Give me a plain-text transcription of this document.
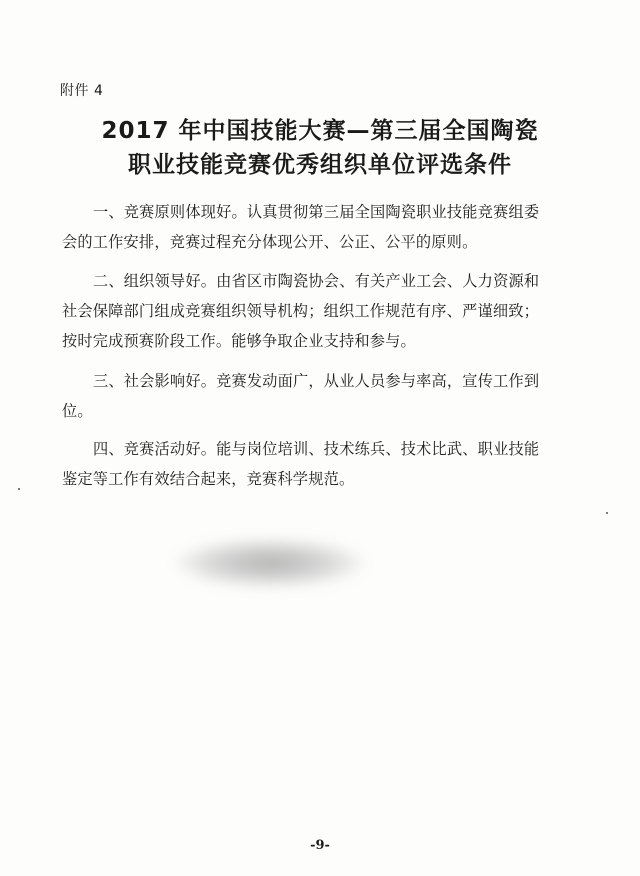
附件 4
2017 年中国技能大赛—第三届全国陶瓷
职业技能竞赛优秀组织单位评选条件
一、竞赛原则体现好。认真贯彻第三届全国陶瓷职业技能竞赛组委
会的工作安排，竞赛过程充分体现公开、公正、公平的原则。
二、组织领导好。由省区市陶瓷协会、有关产业工会、人力资源和
社会保障部门组成竞赛组织领导机构；组织工作规范有序、严谨细致；
按时完成预赛阶段工作。能够争取企业支持和参与。
三、社会影响好。竞赛发动面广，从业人员参与率高，宣传工作到
位。
四、竞赛活动好。能与岗位培训、技术练兵、技术比武、职业技能
鉴定等工作有效结合起来，竞赛科学规范。
-9-
